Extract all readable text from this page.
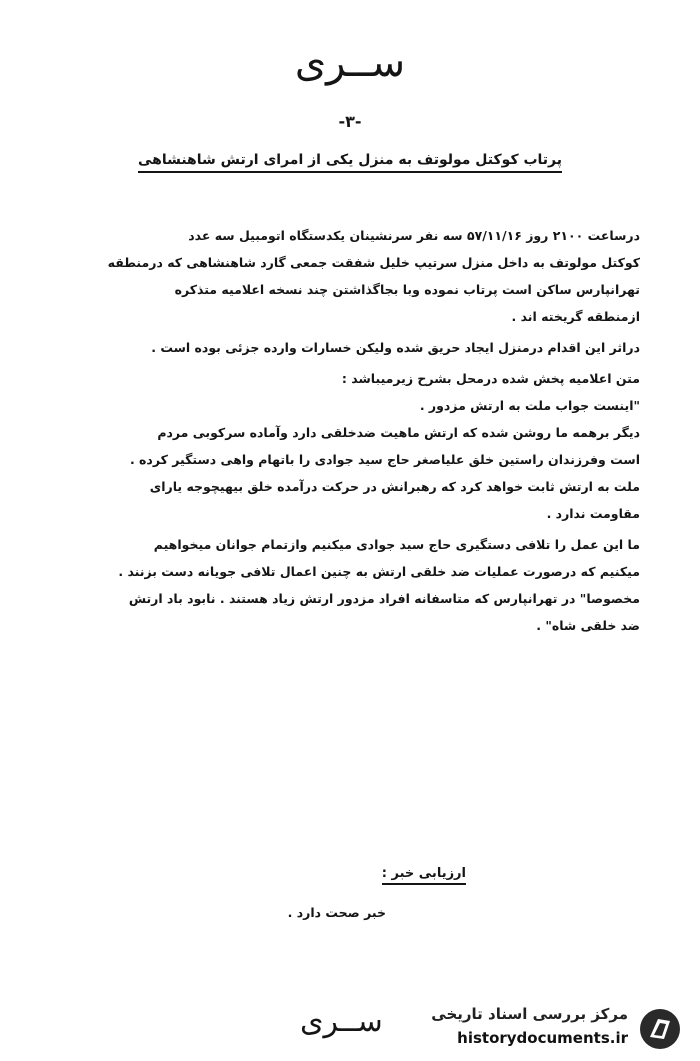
ســری
-۳-
پرتاب کوکتل مولوتف به منزل یکی از امرای ارتش شاهنشاهی
درساعت ۲۱۰۰ روز ۵۷/۱۱/۱۶ سه نفر سرنشینان یکدستگاه اتومبیل سه عدد
کوکتل مولوتف به داخل منزل سرتیپ خلیل شفقت جمعی گارد شاهنشاهی که درمنطقه
تهرانپارس ساکن است پرتاب نموده وبا بجاگذاشتن چند نسخه اعلامیه متذکره
ازمنطقه گریخته اند .
دراثر این اقدام درمنزل ایجاد حریق شده ولیکن خسارات وارده جزئی بوده است .
متن اعلامیه پخش شده درمحل بشرح زیرمیباشد :
"اینست جواب ملت به ارتش مزدور .
دیگر برهمه ما روشن شده که ارتش ماهیت ضدخلقی دارد وآماده سرکوبی مردم
است وفرزندان راستین خلق علیاصغر حاج سید جوادی را باتهام واهی دستگیر کرده .
ملت به ارتش ثابت خواهد کرد که رهبرانش در حرکت درآمده خلق بیهیچوجه یارای
مقاومت ندارد .
ما این عمل را تلافی دستگیری حاج سید جوادی میکنیم وازتمام جوانان میخواهیم
میکنیم که درصورت عملیات ضد خلقی ارتش به چنین اعمال تلافی جویانه دست بزنند .
مخصوصا" در تهرانپارس که متاسفانه افراد مزدور ارتش زیاد هستند . نابود باد ارتش
ضد خلقی شاه" .
ارزیابی خبر :
خبر صحت دارد .
ســری	مرکز بررسی اسناد تاریخی
historydocuments.ir
